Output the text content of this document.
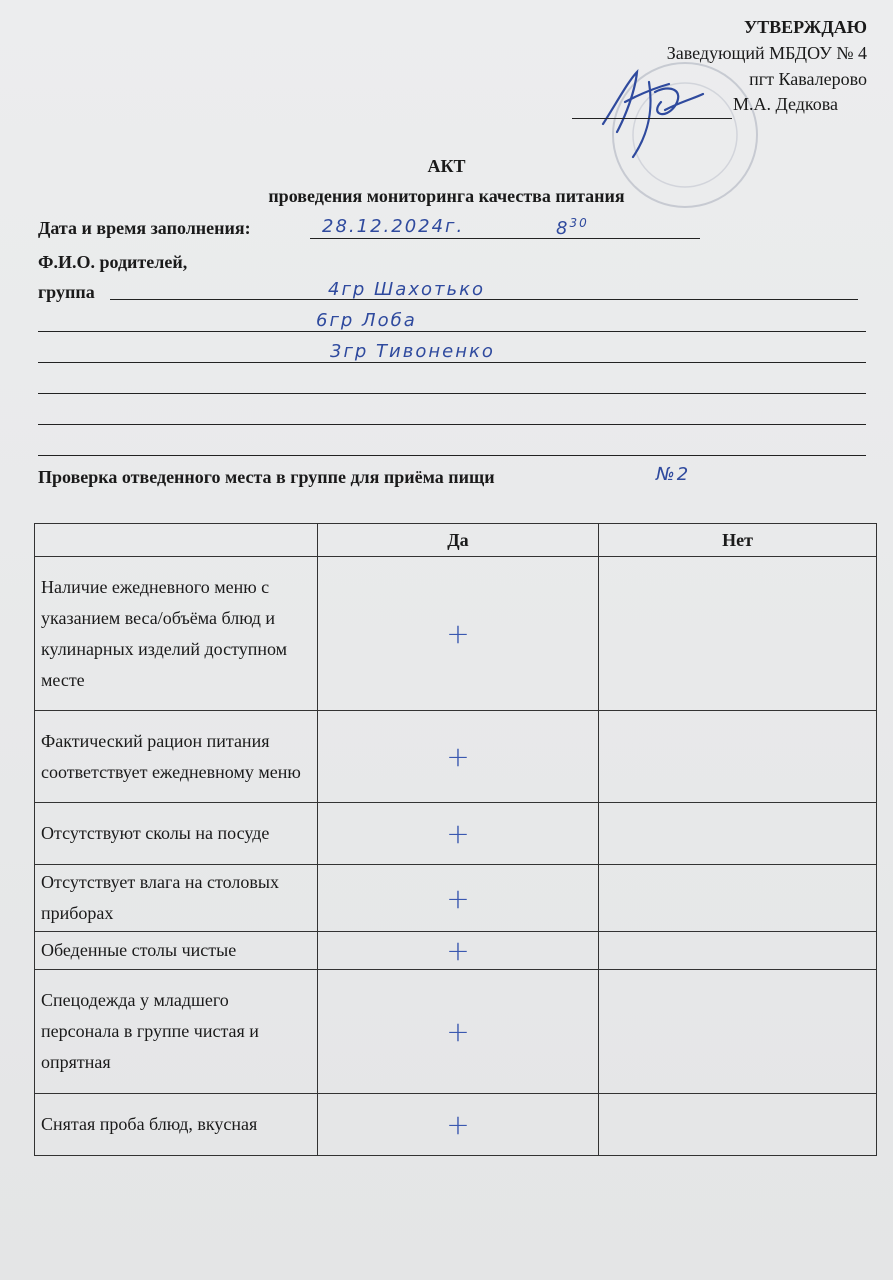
УТВЕРЖДАЮ
Заведующий МБДОУ № 4
пгт Кавалерово
М.А. Дедкова
АКТ
проведения мониторинга качества питания
Дата и время заполнения:	28.12.2024г.	$8^{30}$
Ф.И.О. родителей,
группа	4гр Шахотько
6гр Лоба
3гр Тивоненко
Проверка отведенного места в группе для приёма пищи	№2
	Да	Нет
Наличие ежедневного меню с указанием веса/объёма блюд и кулинарных изделий доступном месте	+	
Фактический рацион питания соответствует ежедневному меню	+	
Отсутствуют сколы на посуде	+	
Отсутствует влага на столовых приборах	+	
Обеденные столы чистые	+	
Спецодежда у младшего персонала в группе чистая и опрятная	+	
Снятая проба блюд, вкусная	+	
